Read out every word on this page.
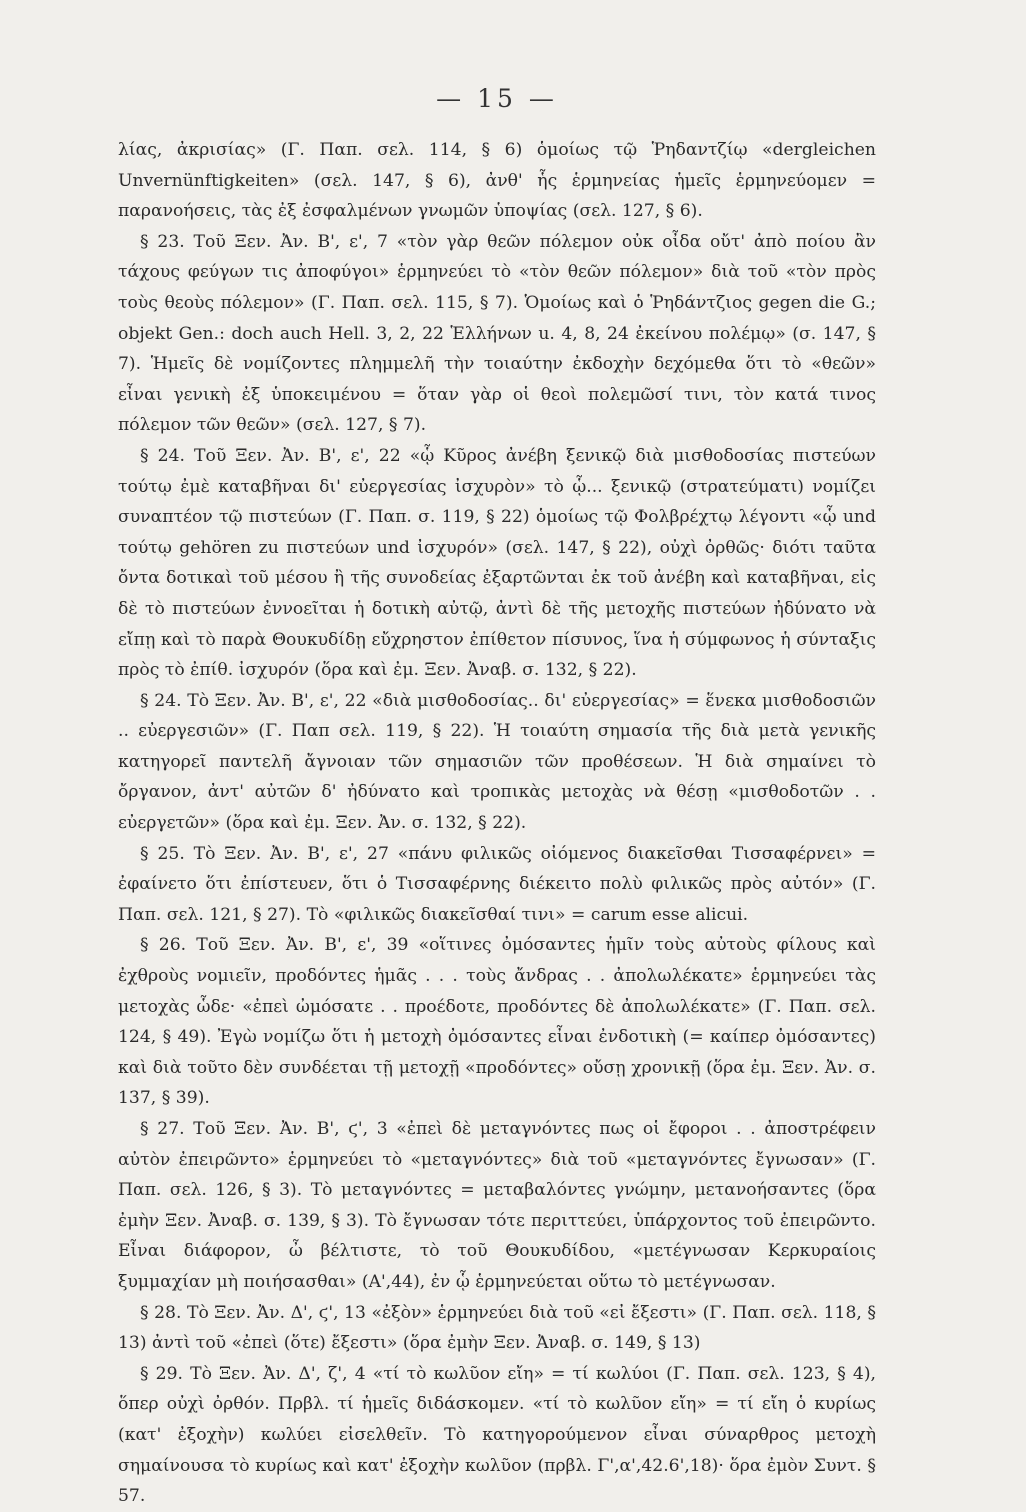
— 15 —

λίας, ἀκρισίας» (Γ. Παπ. σελ. 114, § 6) ὁμοίως τῷ Ῥηδαντζίῳ «dergleichen Unvernünftigkeiten» (σελ. 147, § 6), ἀνθ' ἧς ἑρμηνείας ἡμεῖς ἑρμηνεύομεν = παρανοήσεις, τὰς ἐξ ἐσφαλμένων γνωμῶν ὑποψίας (σελ. 127, § 6).

§ 23. Τοῦ Ξεν. Ἀν. Β', ε', 7 «τὸν γὰρ θεῶν πόλεμον οὐκ οἶδα οὔτ' ἀπὸ ποίου ἂν τάχους φεύγων τις ἀποφύγοι» ἑρμηνεύει τὸ «τὸν θεῶν πόλεμον» διὰ τοῦ «τὸν πρὸς τοὺς θεοὺς πόλεμον» (Γ. Παπ. σελ. 115, § 7). Ὁμοίως καὶ ὁ Ῥηδάντζιος gegen die G.; objekt Gen.: doch auch Hell. 3, 2, 22 Ἑλλήνων u. 4, 8, 24 ἐκείνου πολέμῳ» (σ. 147, § 7). Ἡμεῖς δὲ νομίζοντες πλημμελῆ τὴν τοιαύτην ἐκδοχὴν δεχόμεθα ὅτι τὸ «θεῶν» εἶναι γενικὴ ἐξ ὑποκειμένου = ὅταν γὰρ οἱ θεοὶ πολεμῶσί τινι, τὸν κατά τινος πόλεμον τῶν θεῶν» (σελ. 127, § 7).

§ 24. Τοῦ Ξεν. Ἀν. Β', ε', 22 «ᾧ Κῦρος ἀνέβη ξενικῷ διὰ μισθοδοσίας πιστεύων τούτῳ ἐμὲ καταβῆναι δι' εὐεργεσίας ἰσχυρὸν» τὸ ᾧ... ξενικῷ (στρατεύματι) νομίζει συναπτέον τῷ πιστεύων (Γ. Παπ. σ. 119, § 22) ὁμοίως τῷ Φολβρέχτῳ λέγοντι «ᾧ und τούτῳ gehören zu πιστεύων und ἰσχυρόν» (σελ. 147, § 22), οὐχὶ ὀρθῶς· διότι ταῦτα ὄντα δοτικαὶ τοῦ μέσου ἢ τῆς συνοδείας ἐξαρτῶνται ἐκ τοῦ ἀνέβη καὶ καταβῆναι, εἰς δὲ τὸ πιστεύων ἐννοεῖται ἡ δοτικὴ αὐτῷ, ἀντὶ δὲ τῆς μετοχῆς πιστεύων ἠδύνατο νὰ εἴπῃ καὶ τὸ παρὰ Θουκυδίδῃ εὔχρηστον ἐπίθετον πίσυνος, ἵνα ἡ σύμφωνος ἡ σύνταξις πρὸς τὸ ἐπίθ. ἰσχυρόν (ὅρα καὶ ἐμ. Ξεν. Ἀναβ. σ. 132, § 22).

§ 24. Τὸ Ξεν. Ἀν. Β', ε', 22 «διὰ μισθοδοσίας.. δι' εὐεργεσίας» = ἕνεκα μισθοδοσιῶν .. εὐεργεσιῶν» (Γ. Παπ σελ. 119, § 22). Ἡ τοιαύτη σημασία τῆς διὰ μετὰ γενικῆς κατηγορεῖ παντελῆ ἄγνοιαν τῶν σημασιῶν τῶν προθέσεων. Ἡ διὰ σημαίνει τὸ ὄργανον, ἀντ' αὐτῶν δ' ἠδύνατο καὶ τροπικὰς μετοχὰς νὰ θέσῃ «μισθοδοτῶν . . εὐεργετῶν» (ὅρα καὶ ἐμ. Ξεν. Ἀν. σ. 132, § 22).

§ 25. Τὸ Ξεν. Ἀν. Β', ε', 27 «πάνυ φιλικῶς οἰόμενος διακεῖσθαι Τισσαφέρνει» = ἐφαίνετο ὅτι ἐπίστευεν, ὅτι ὁ Τισσαφέρνης διέκειτο πολὺ φιλικῶς πρὸς αὐτόν» (Γ. Παπ. σελ. 121, § 27). Τὸ «φιλικῶς διακεῖσθαί τινι» = carum esse alicui.

§ 26. Τοῦ Ξεν. Ἀν. Β', ε', 39 «οἵτινες ὀμόσαντες ἡμῖν τοὺς αὐτοὺς φίλους καὶ ἐχθροὺς νομιεῖν, προδόντες ἡμᾶς . . . τοὺς ἄνδρας . . ἀπολωλέκατε» ἑρμηνεύει τὰς μετοχὰς ὧδε· «ἐπεὶ ὠμόσατε . . προέδοτε, προδόντες δὲ ἀπολωλέκατε» (Γ. Παπ. σελ. 124, § 49). Ἐγὼ νομίζω ὅτι ἡ μετοχὴ ὀμόσαντες εἶναι ἐνδοτικὴ (= καίπερ ὀμόσαντες) καὶ διὰ τοῦτο δὲν συνδέεται τῇ μετοχῇ «προδόντες» οὔσῃ χρονικῇ (ὅρα ἐμ. Ξεν. Ἀν. σ. 137, § 39).

§ 27. Τοῦ Ξεν. Ἀν. Β', ϛ', 3 «ἐπεὶ δὲ μεταγνόντες πως οἱ ἔφοροι . . ἀποστρέφειν αὐτὸν ἐπειρῶντο» ἑρμηνεύει τὸ «μεταγνόντες» διὰ τοῦ «μεταγνόντες ἔγνωσαν» (Γ. Παπ. σελ. 126, § 3). Τὸ μεταγνόντες = μεταβαλόντες γνώμην, μετανοήσαντες (ὅρα ἐμὴν Ξεν. Ἀναβ. σ. 139, § 3). Τὸ ἔγνωσαν τότε περιττεύει, ὑπάρχοντος τοῦ ἐπειρῶντο. Εἶναι διάφορον, ὦ βέλτιστε, τὸ τοῦ Θουκυδίδου, «μετέγνωσαν Κερκυραίοις ξυμμαχίαν μὴ ποιήσασθαι» (Α',44), ἐν ᾧ ἑρμηνεύεται οὕτω τὸ μετέγνωσαν.

§ 28. Τὸ Ξεν. Ἀν. Δ', ϛ', 13 «ἐξὸν» ἑρμηνεύει διὰ τοῦ «εἰ ἔξεστι» (Γ. Παπ. σελ. 118, § 13) ἀντὶ τοῦ «ἐπεὶ (ὅτε) ἔξεστι» (ὅρα ἐμὴν Ξεν. Ἀναβ. σ. 149, § 13)

§ 29. Τὸ Ξεν. Ἀν. Δ', ζ', 4 «τί τὸ κωλῦον εἴη» = τί κωλύοι (Γ. Παπ. σελ. 123, § 4), ὅπερ οὐχὶ ὀρθόν. Πρβλ. τί ἡμεῖς διδάσκομεν. «τί τὸ κωλῦον εἴη» = τί εἴη ὁ κυρίως (κατ' ἐξοχὴν) κωλύει εἰσελθεῖν. Τὸ κατηγορούμενον εἶναι σύναρθρος μετοχὴ σημαίνουσα τὸ κυρίως καὶ κατ' ἐξοχὴν κωλῦον (πρβλ. Γ',α',42.6',18)· ὅρα ἐμὸν Συντ. § 57.
